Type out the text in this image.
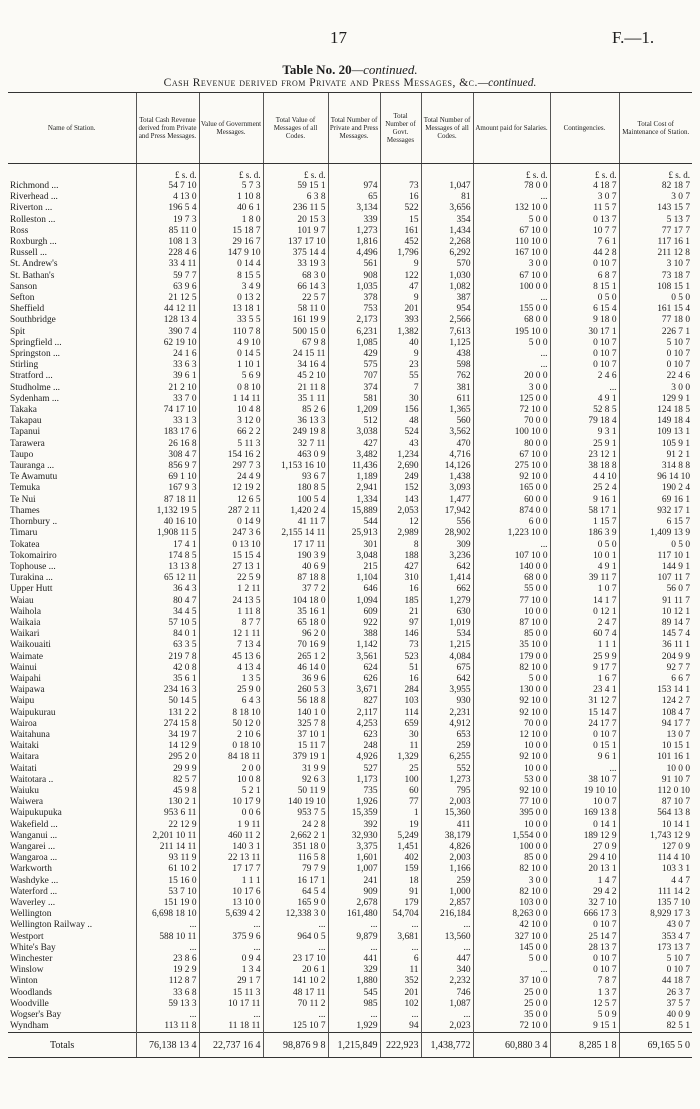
17	F.—1.
Table No. 20—continued.
Cash Revenue derived from Private and Press Messages, &c.—continued.
Name of Station.	Total Cash Revenue derived from Private and Press Messages.	Value of Government Messages.	Total Value of Messages of all Codes.	Total Number of Private and Press Messages.	Total Number of Govt. Messages	Total Number of Messages of all Codes.	Amount paid for Salaries.	Contingencies.	Total Cost of Maintenance of Station.
	£ s. d.	£ s. d.	£ s. d.				£ s. d.	£ s. d.	£ s. d.
Richmond ...	54 7 10	5 7 3	59 15 1	974	73	1,047	78 0 0	4 18 7	82 18 7
Riverhead ...	4 13 0	1 10 8	6 3 8	65	16	81	...	3 0 7	3 0 7
Riverton ...	196 5 4	40 6 1	236 11 5	3,134	522	3,656	132 10 0	11 5 7	143 15 7
Rolleston ...	19 7 3	1 8 0	20 15 3	339	15	354	5 0 0	0 13 7	5 13 7
Ross	85 11 0	15 18 7	101 9 7	1,273	161	1,434	67 10 0	10 7 7	77 17 7
Roxburgh ...	108 1 3	29 16 7	137 17 10	1,816	452	2,268	110 10 0	7 6 1	117 16 1
Russell ...	228 4 6	147 9 10	375 14 4	4,496	1,796	6,292	167 10 0	44 2 8	211 12 8
St. Andrew's	33 4 11	0 14 4	33 19 3	561	9	570	3 0 0	0 10 7	3 10 7
St. Bathan's	59 7 7	8 15 5	68 3 0	908	122	1,030	67 10 0	6 8 7	73 18 7
Sanson	63 9 6	3 4 9	66 14 3	1,035	47	1,082	100 0 0	8 15 1	108 15 1
Sefton	21 12 5	0 13 2	22 5 7	378	9	387	...	0 5 0	0 5 0
Sheffield	44 12 11	13 18 1	58 11 0	753	201	954	155 0 0	6 15 4	161 15 4
Southbridge	128 13 4	33 5 5	161 19 9	2,173	393	2,566	68 0 0	9 18 0	77 18 0
Spit	390 7 4	110 7 8	500 15 0	6,231	1,382	7,613	195 10 0	30 17 1	226 7 1
Springfield ...	62 19 10	4 9 10	67 9 8	1,085	40	1,125	5 0 0	0 10 7	5 10 7
Springston ...	24 1 6	0 14 5	24 15 11	429	9	438	...	0 10 7	0 10 7
Stirling	33 6 3	1 10 1	34 16 4	575	23	598	...	0 10 7	0 10 7
Stratford ...	39 6 1	5 6 9	45 2 10	707	55	762	20 0 0	2 4 6	22 4 6
Studholme ...	21 2 10	0 8 10	21 11 8	374	7	381	3 0 0	...	3 0 0
Sydenham ...	33 7 0	1 14 11	35 1 11	581	30	611	125 0 0	4 9 1	129 9 1
Takaka	74 17 10	10 4 8	85 2 6	1,209	156	1,365	72 10 0	52 8 5	124 18 5
Takapau	33 1 3	3 12 0	36 13 3	512	48	560	70 0 0	79 18 4	149 18 4
Tapanui	183 17 6	66 2 2	249 19 8	3,038	524	3,562	100 10 0	9 3 1	109 13 1
Tarawera	26 16 8	5 11 3	32 7 11	427	43	470	80 0 0	25 9 1	105 9 1
Taupo	308 4 7	154 16 2	463 0 9	3,482	1,234	4,716	67 10 0	23 12 1	91 2 1
Tauranga ...	856 9 7	297 7 3	1,153 16 10	11,436	2,690	14,126	275 10 0	38 18 8	314 8 8
Te Awamutu	69 1 10	24 4 9	93 6 7	1,189	249	1,438	92 10 0	4 4 10	96 14 10
Temuka	167 9 3	12 19 2	180 8 5	2,941	152	3,093	165 0 0	25 2 4	190 2 4
Te Nui	87 18 11	12 6 5	100 5 4	1,334	143	1,477	60 0 0	9 16 1	69 16 1
Thames	1,132 19 5	287 2 11	1,420 2 4	15,889	2,053	17,942	874 0 0	58 17 1	932 17 1
Thornbury ..	40 16 10	0 14 9	41 11 7	544	12	556	6 0 0	1 15 7	6 15 7
Timaru	1,908 11 5	247 3 6	2,155 14 11	25,913	2,989	28,902	1,223 10 0	186 3 9	1,409 13 9
Tokatea	17 4 1	0 13 10	17 17 11	301	8	309	...	0 5 0	0 5 0
Tokomairiro	174 8 5	15 15 4	190 3 9	3,048	188	3,236	107 10 0	10 0 1	117 10 1
Tophouse ...	13 13 8	27 13 1	40 6 9	215	427	642	140 0 0	4 9 1	144 9 1
Turakina ...	65 12 11	22 5 9	87 18 8	1,104	310	1,414	68 0 0	39 11 7	107 11 7
Upper Hutt	36 4 3	1 2 11	37 7 2	646	16	662	55 0 0	1 0 7	56 0 7
Waiau	80 4 7	24 13 5	104 18 0	1,094	185	1,279	77 10 0	14 1 7	91 11 7
Waihola	34 4 5	1 11 8	35 16 1	609	21	630	10 0 0	0 12 1	10 12 1
Waikaia	57 10 5	8 7 7	65 18 0	922	97	1,019	87 10 0	2 4 7	89 14 7
Waikari	84 0 1	12 1 11	96 2 0	388	146	534	85 0 0	60 7 4	145 7 4
Waikouaiti	63 3 5	7 13 4	70 16 9	1,142	73	1,215	35 10 0	1 1 1	36 11 1
Waimate	219 7 8	45 13 6	265 1 2	3,561	523	4,084	179 0 0	25 9 9	204 9 9
Wainui	42 0 8	4 13 4	46 14 0	624	51	675	82 10 0	9 17 7	92 7 7
Waipahi	35 6 1	1 3 5	36 9 6	626	16	642	5 0 0	1 6 7	6 6 7
Waipawa	234 16 3	25 9 0	260 5 3	3,671	284	3,955	130 0 0	23 4 1	153 14 1
Waipu	50 14 5	6 4 3	56 18 8	827	103	930	92 10 0	31 12 7	124 2 7
Waipukurau	131 2 2	8 18 10	140 1 0	2,117	114	2,231	92 10 0	15 14 7	108 4 7
Wairoa	274 15 8	50 12 0	325 7 8	4,253	659	4,912	70 0 0	24 17 7	94 17 7
Waitahuna	34 19 7	2 10 6	37 10 1	623	30	653	12 10 0	0 10 7	13 0 7
Waitaki	14 12 9	0 18 10	15 11 7	248	11	259	10 0 0	0 15 1	10 15 1
Waitara	295 2 0	84 18 11	379 19 1	4,926	1,329	6,255	92 10 0	9 6 1	101 16 1
Waitati	29 9 9	2 0 0	31 9 9	527	25	552	10 0 0	...	10 0 0
Waitotara ..	82 5 7	10 0 8	92 6 3	1,173	100	1,273	53 0 0	38 10 7	91 10 7
Waiuku	45 9 8	5 2 1	50 11 9	735	60	795	92 10 0	19 10 10	112 0 10
Waiwera	130 2 1	10 17 9	140 19 10	1,926	77	2,003	77 10 0	10 0 7	87 10 7
Waipukupuka	953 6 11	0 0 6	953 7 5	15,359	1	15,360	395 0 0	169 13 8	564 13 8
Wakefield ...	22 12 9	1 9 11	24 2 8	392	19	411	10 0 0	0 14 1	10 14 1
Wanganui ...	2,201 10 11	460 11 2	2,662 2 1	32,930	5,249	38,179	1,554 0 0	189 12 9	1,743 12 9
Wangarei ...	211 14 11	140 3 1	351 18 0	3,375	1,451	4,826	100 0 0	27 0 9	127 0 9
Wangaroa ...	93 11 9	22 13 11	116 5 8	1,601	402	2,003	85 0 0	29 4 10	114 4 10
Warkworth	61 10 2	17 17 7	79 7 9	1,007	159	1,166	82 10 0	20 13 1	103 3 1
Washdyke ...	15 16 0	1 1 1	16 17 1	241	18	259	3 0 0	1 4 7	4 4 7
Waterford ...	53 7 10	10 17 6	64 5 4	909	91	1,000	82 10 0	29 4 2	111 14 2
Waverley ...	151 19 0	13 10 0	165 9 0	2,678	179	2,857	103 0 0	32 7 10	135 7 10
Wellington	6,698 18 10	5,639 4 2	12,338 3 0	161,480	54,704	216,184	8,263 0 0	666 17 3	8,929 17 3
Wellington Railway ..	...	...	...	...	...	...	42 10 0	0 10 7	43 0 7
Westport	588 10 11	375 9 6	964 0 5	9,879	3,681	13,560	327 10 0	25 14 7	353 4 7
White's Bay	...	...	...	...	...	...	145 0 0	28 13 7	173 13 7
Winchester	23 8 6	0 9 4	23 17 10	441	6	447	5 0 0	0 10 7	5 10 7
Winslow	19 2 9	1 3 4	20 6 1	329	11	340	...	0 10 7	0 10 7
Winton	112 8 7	29 1 7	141 10 2	1,880	352	2,232	37 10 0	7 8 7	44 18 7
Woodlands	33 6 8	15 11 3	48 17 11	545	201	746	25 0 0	1 3 7	26 3 7
Woodville	59 13 3	10 17 11	70 11 2	985	102	1,087	25 0 0	12 5 7	37 5 7
Wogser's Bay	...	...	...	...	...	...	35 0 0	5 0 9	40 0 9
Wyndham	113 11 8	11 18 11	125 10 7	1,929	94	2,023	72 10 0	9 15 1	82 5 1
Totals	76,138 13 4	22,737 16 4	98,876 9 8	1,215,849	222,923	1,438,772	60,880 3 4	8,285 1 8	69,165 5 0
